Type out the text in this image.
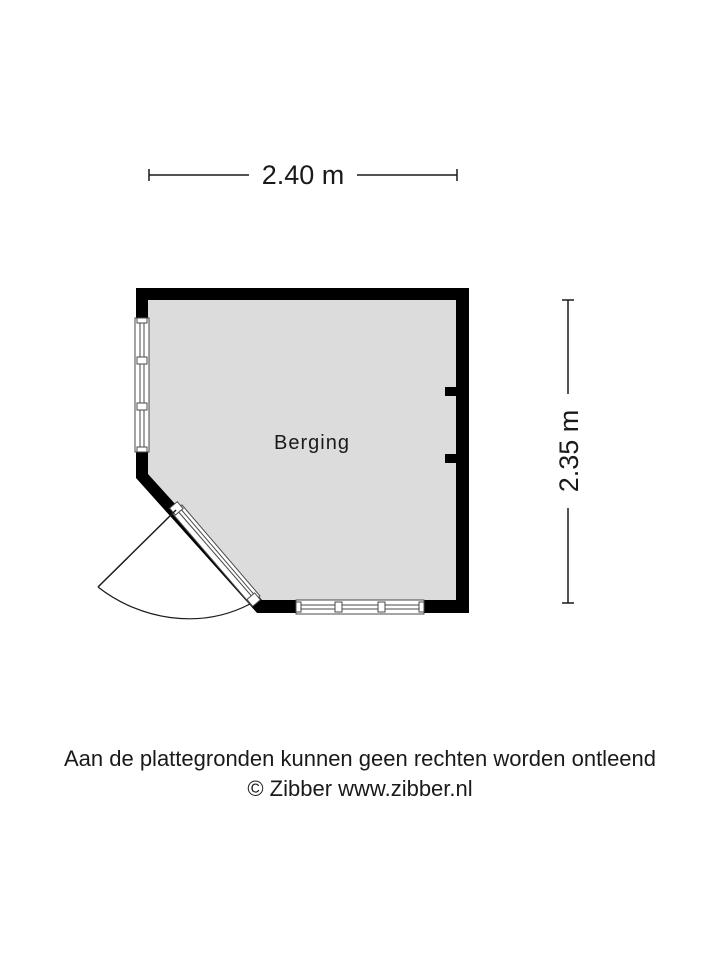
2.40 m
2.35 m
Berging
Aan de plattegronden kunnen geen rechten worden ontleend
© Zibber www.zibber.nl
